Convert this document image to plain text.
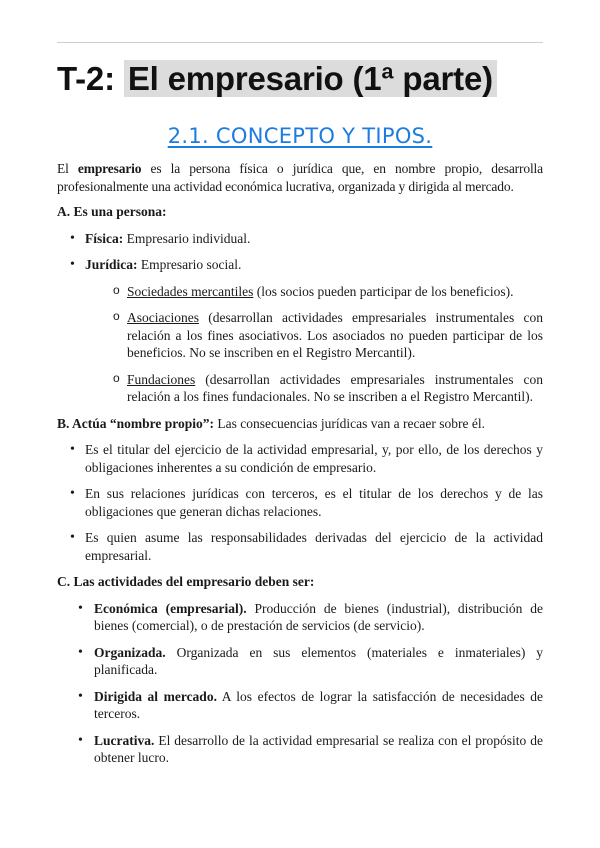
T-2: El empresario (1ª parte)
2.1. CONCEPTO Y TIPOS.

El empresario es la persona física o jurídica que, en nombre propio, desarrolla profesionalmente una actividad económica lucrativa, organizada y dirigida al mercado.

A. Es una persona:

• Física: Empresario individual.
• Jurídica: Empresario social.
o Sociedades mercantiles (los socios pueden participar de los beneficios).
o Asociaciones (desarrollan actividades empresariales instrumentales con relación a los fines asociativos. Los asociados no pueden participar de los beneficios. No se inscriben en el Registro Mercantil).
o Fundaciones (desarrollan actividades empresariales instrumentales con relación a los fines fundacionales. No se inscriben a el Registro Mercantil).

B. Actúa “nombre propio”: Las consecuencias jurídicas van a recaer sobre él.

• Es el titular del ejercicio de la actividad empresarial, y, por ello, de los derechos y obligaciones inherentes a su condición de empresario.
• En sus relaciones jurídicas con terceros, es el titular de los derechos y de las obligaciones que generan dichas relaciones.
• Es quien asume las responsabilidades derivadas del ejercicio de la actividad empresarial.

C. Las actividades del empresario deben ser:

• Económica (empresarial). Producción de bienes (industrial), distribución de bienes (comercial), o de prestación de servicios (de servicio).
• Organizada. Organizada en sus elementos (materiales e inmateriales) y planificada.
• Dirigida al mercado. A los efectos de lograr la satisfacción de necesidades de terceros.
• Lucrativa. El desarrollo de la actividad empresarial se realiza con el propósito de obtener lucro.
